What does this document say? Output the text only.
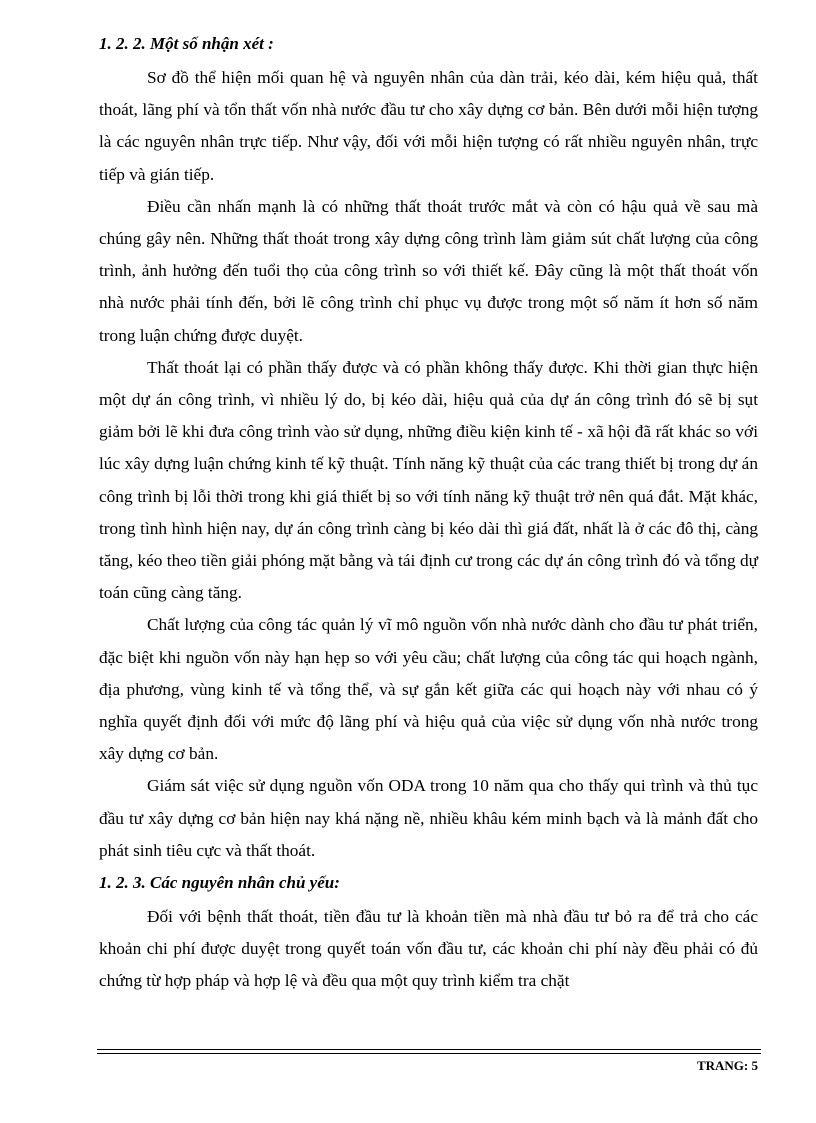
1. 2. 2. Một số nhận xét :

Sơ đồ thể hiện mối quan hệ và nguyên nhân của dàn trải, kéo dài, kém hiệu quả, thất thoát, lãng phí và tổn thất vốn nhà nước đầu tư cho xây dựng cơ bản. Bên dưới mỗi hiện tượng là các nguyên nhân trực tiếp. Như vậy, đối với mỗi hiện tượng có rất nhiều nguyên nhân, trực tiếp và gián tiếp.

Điều cần nhấn mạnh là có những thất thoát trước mắt và còn có hậu quả về sau mà chúng gây nên. Những thất thoát trong xây dựng công trình làm giảm sút chất lượng của công trình, ảnh hưởng đến tuổi thọ của công trình so với thiết kế. Đây cũng là một thất thoát vốn nhà nước phải tính đến, bởi lẽ công trình chỉ phục vụ được trong một số năm ít hơn số năm trong luận chứng được duyệt.

Thất thoát lại có phần thấy được và có phần không thấy được. Khi thời gian thực hiện một dự án công trình, vì nhiều lý do, bị kéo dài, hiệu quả của dự án công trình đó sẽ bị sụt giảm bởi lẽ khi đưa công trình vào sử dụng, những điều kiện kinh tế - xã hội đã rất khác so với lúc xây dựng luận chứng kinh tế kỹ thuật. Tính năng kỹ thuật của các trang thiết bị trong dự án công trình bị lỗi thời trong khi giá thiết bị so với tính năng kỹ thuật trở nên quá đắt. Mặt khác, trong tình hình hiện nay, dự án công trình càng bị kéo dài thì giá đất, nhất là ở các đô thị, càng tăng, kéo theo tiền giải phóng mặt bằng và tái định cư trong các dự án công trình đó và tổng dự toán cũng càng tăng.

Chất lượng của công tác quản lý vĩ mô nguồn vốn nhà nước dành cho đầu tư phát triển, đặc biệt khi nguồn vốn này hạn hẹp so với yêu cầu; chất lượng của công tác qui hoạch ngành, địa phương, vùng kinh tế và tổng thể, và sự gắn kết giữa các qui hoạch này với nhau có ý nghĩa quyết định đối với mức độ lãng phí và hiệu quả của việc sử dụng vốn nhà nước trong xây dựng cơ bản.

Giám sát việc sử dụng nguồn vốn ODA trong 10 năm qua cho thấy qui trình và thủ tục đầu tư xây dựng cơ bản hiện nay khá nặng nề, nhiều khâu kém minh bạch và là mảnh đất cho phát sinh tiêu cực và thất thoát.

1. 2. 3. Các nguyên nhân chủ yếu:

Đối với bệnh thất thoát, tiền đầu tư là khoản tiền mà nhà đầu tư bỏ ra để trả cho các khoản chi phí được duyệt trong quyết toán vốn đầu tư, các khoản chi phí này đều phải có đủ chứng từ hợp pháp và hợp lệ và đều qua một quy trình kiểm tra chặt

TRANG: 5
